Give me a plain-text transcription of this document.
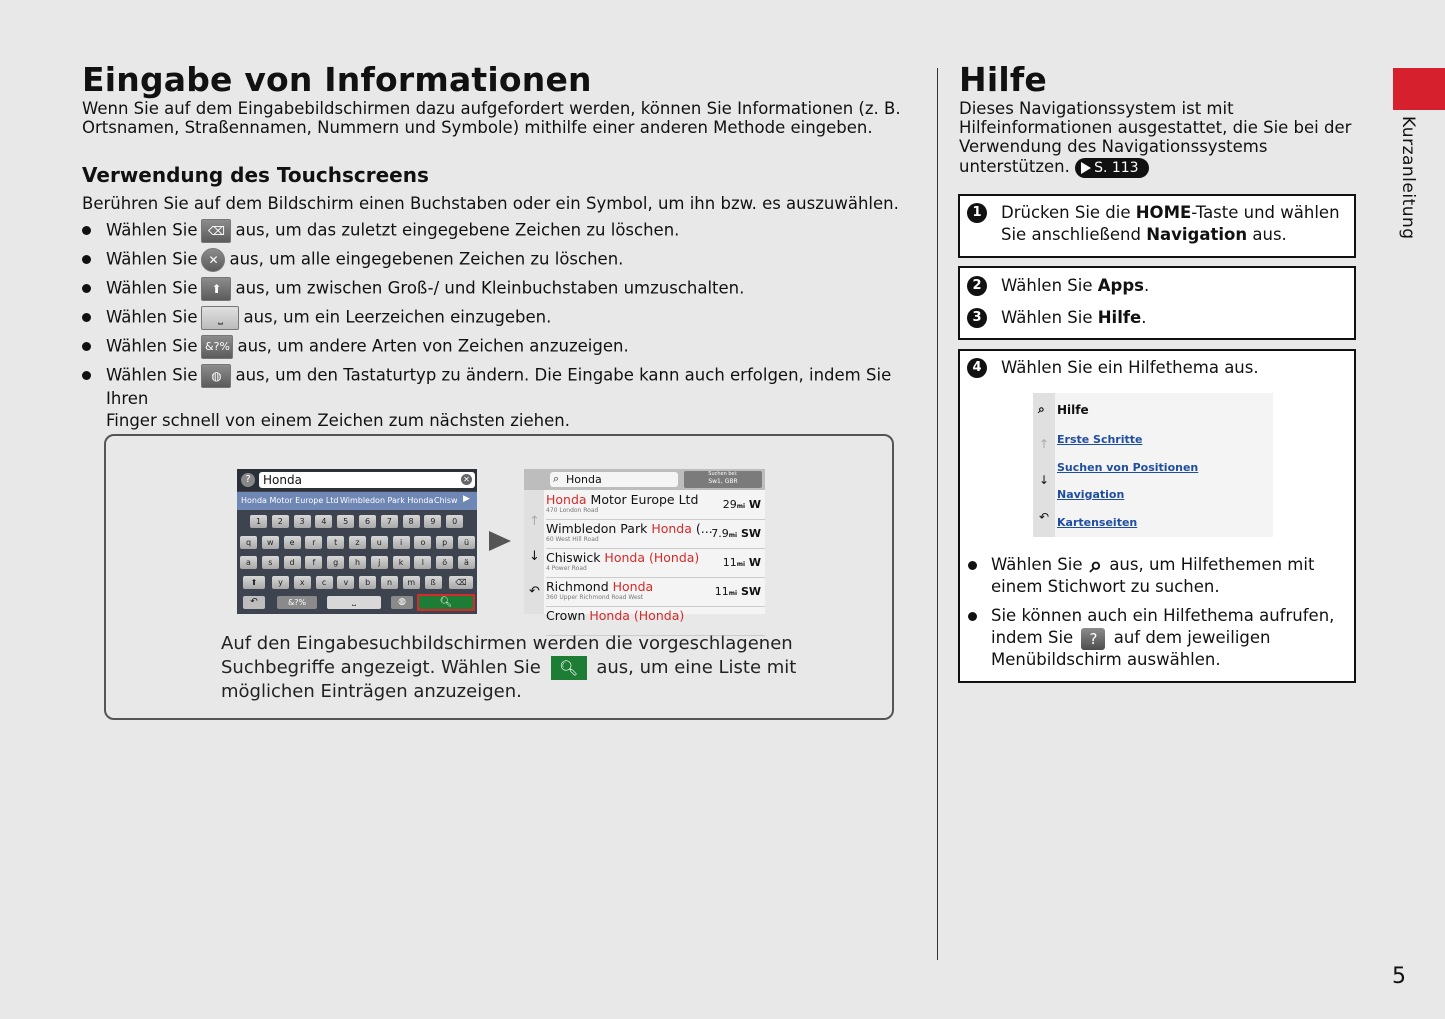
Eingabe von Informationen
Wenn Sie auf dem Eingabebildschirmen dazu aufgefordert werden, können Sie Informationen (z. B.
Ortsnamen, Straßennamen, Nummern und Symbole) mithilfe einer anderen Methode eingeben.
Verwendung des Touchscreens
Berühren Sie auf dem Bildschirm einen Buchstaben oder ein Symbol, um ihn bzw. es auszuwählen.
Wählen Sie ⌫ aus, um das zuletzt eingegebene Zeichen zu löschen.
Wählen Sie ✕ aus, um alle eingegebenen Zeichen zu löschen.
Wählen Sie ⬆ aus, um zwischen Groß-/ und Kleinbuchstaben umzuschalten.
Wählen Sie ⎵ aus, um ein Leerzeichen einzugeben.
Wählen Sie &?% aus, um andere Arten von Zeichen anzuzeigen.
Wählen Sie ◍ aus, um den Tastaturtyp zu ändern. Die Eingabe kann auch erfolgen, indem Sie Ihren
Finger schnell von einem Zeichen zum nächsten ziehen.
?	Honda	✕
Honda Motor Europe Ltd Wimbledon Park Honda Chisw ▶
1	2	3	4	5	6	7	8	9	0
q	w	e	r	t	z	u	i	o	p	ü
a	s	d	f	g	h	j	k	l	ö	ä
y	x	c	v	b	n	m	ß
⬆	⌫
↶	&?%	⎵	◍	🔍︎
⌕ Honda	Suchen bei:
Sw1, GBR
↑
↓
↶
Honda Motor Europe Ltd
470 London Road	29mi W
Wimbledon Park Honda (...
60 West Hill Road	7.9mi SW
Chiswick Honda (Honda)
4 Power Road	11mi W
Richmond Honda
360 Upper Richmond Road West	11mi SW
Crown Honda (Honda)
Auf den Eingabesuchbildschirmen werden die vorgeschlagenen
Suchbegriffe angezeigt. Wählen Sie 🔍︎ aus, um eine Liste mit
möglichen Einträgen anzuzeigen.
Hilfe
Dieses Navigationssystem ist mit
Hilfeinformationen ausgestattet, die Sie bei der
Verwendung des Navigationssystems
unterstützen. S. 113
1	Drücken Sie die HOME-Taste und wählen
Sie anschließend Navigation aus.
2	Wählen Sie Apps.
3	Wählen Sie Hilfe.
4	Wählen Sie ein Hilfethema aus.
⌕
↑
↓
↶
Hilfe
Erste Schritte
Suchen von Positionen
Navigation
Kartenseiten
Wählen Sie ⌕ aus, um Hilfethemen mit
einem Stichwort zu suchen.
Sie können auch ein Hilfethema aufrufen,
indem Sie ? auf dem jeweiligen
Menübildschirm auswählen.
Kurzanleitung
5
